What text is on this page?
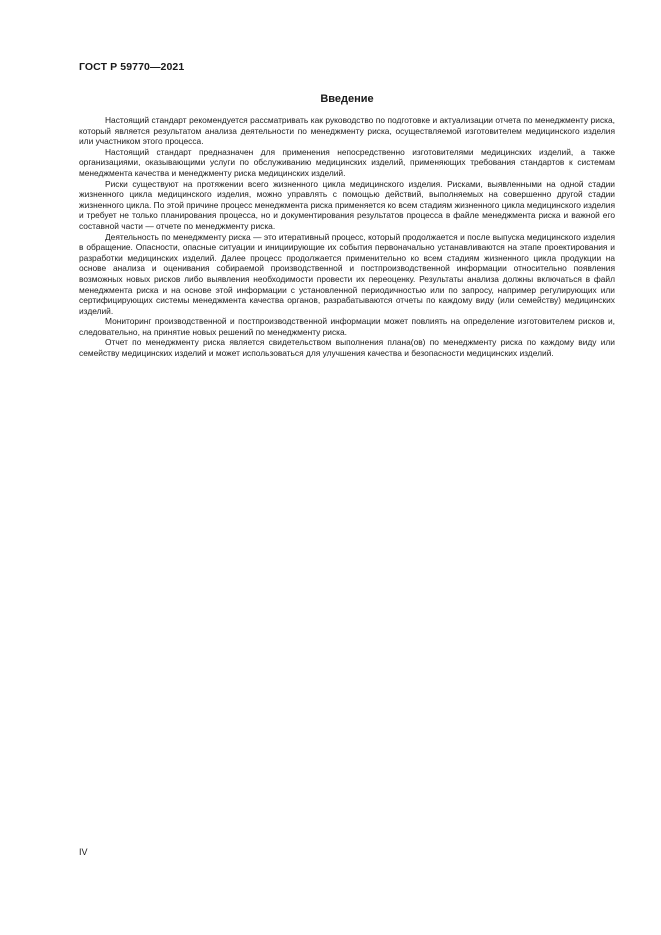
ГОСТ Р 59770—2021
Введение

Настоящий стандарт рекомендуется рассматривать как руководство по подготовке и актуализации отчета по менеджменту риска, который является результатом анализа деятельности по менеджменту риска, осуществляемой изготовителем медицинского изделия или участником этого процесса.

Настоящий стандарт предназначен для применения непосредственно изготовителями медицинских изделий, а также организациями, оказывающими услуги по обслуживанию медицинских изделий, применяющих требования стандартов к системам менеджмента качества и менеджменту риска медицинских изделий.

Риски существуют на протяжении всего жизненного цикла медицинского изделия. Рисками, выявленными на одной стадии жизненного цикла медицинского изделия, можно управлять с помощью действий, выполняемых на совершенно другой стадии жизненного цикла. По этой причине процесс менеджмента риска применяется ко всем стадиям жизненного цикла медицинского изделия и требует не только планирования процесса, но и документирования результатов процесса в файле менеджмента риска и важной его составной части — отчете по менеджменту риска.

Деятельность по менеджменту риска — это итеративный процесс, который продолжается и после выпуска медицинского изделия в обращение. Опасности, опасные ситуации и инициирующие их события первоначально устанавливаются на этапе проектирования и разработки медицинских изделий. Далее процесс продолжается применительно ко всем стадиям жизненного цикла продукции на основе анализа и оценивания собираемой производственной и постпроизводственной информации относительно появления возможных новых рисков либо выявления необходимости провести их переоценку. Результаты анализа должны включаться в файл менеджмента риска и на основе этой информации с установленной периодичностью или по запросу, например регулирующих или сертифицирующих системы менеджмента качества органов, разрабатываются отчеты по каждому виду (или семейству) медицинских изделий.

Мониторинг производственной и постпроизводственной информации может повлиять на определение изготовителем рисков и, следовательно, на принятие новых решений по менеджменту риска.

Отчет по менеджменту риска является свидетельством выполнения плана(ов) по менеджменту риска по каждому виду или семейству медицинских изделий и может использоваться для улучшения качества и безопасности медицинских изделий.

IV
